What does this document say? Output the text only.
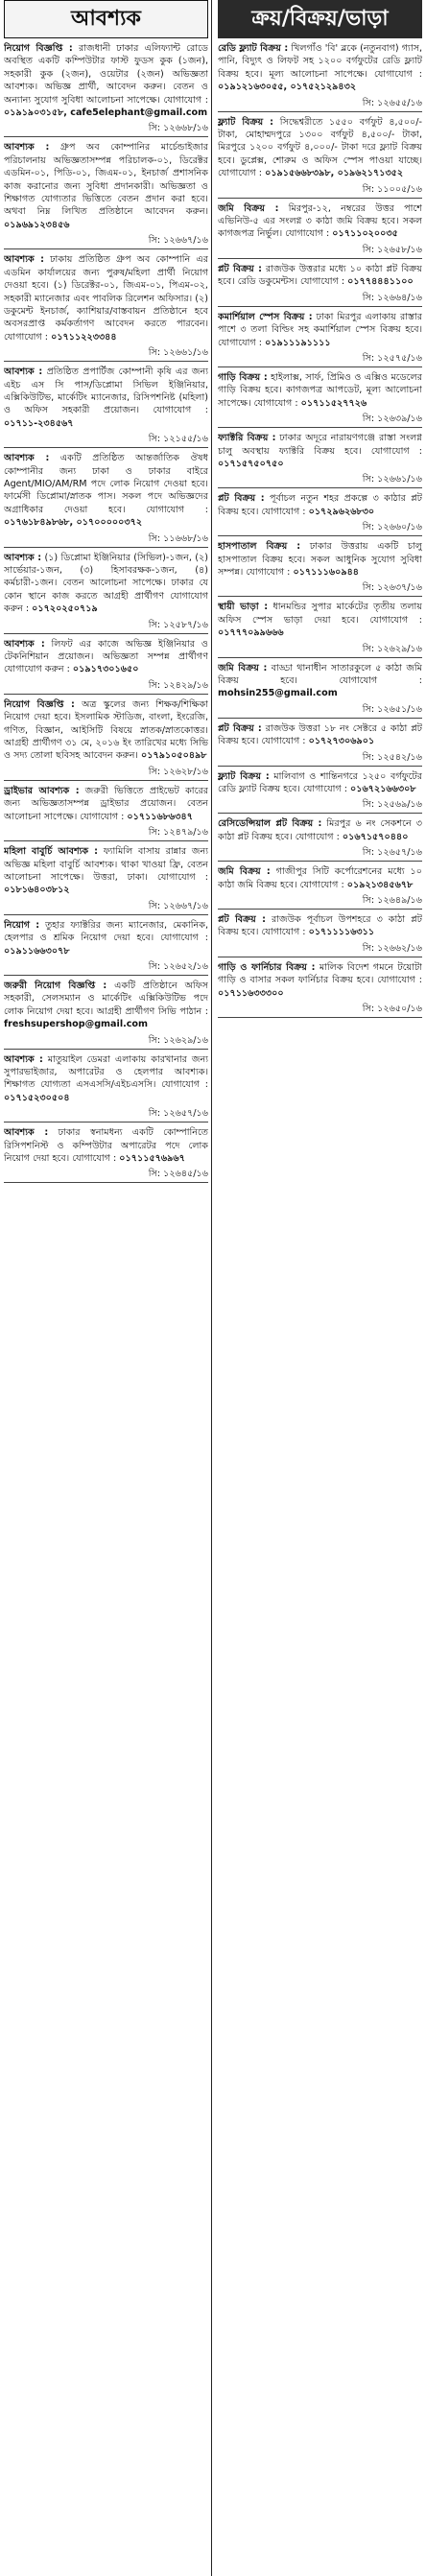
আবশ্যক

নিয়োগ বিজ্ঞপ্তি : রাজধানী ঢাকার এলিফ্যান্ট রোডে অবস্থিত একটি কম্পিউটার ফাস্ট ফুডস কুক (১জন), সহকারী কুক (২জন), ওয়েটার (২জন) অভিজ্ঞতা আবশ্যক। অভিজ্ঞ প্রার্থী, আবেদন করুন। বেতন ও অন্যান্য সুযোগ সুবিধা আলোচনা সাপেক্ষে। যোগাযোগ : ০১৯১৯০৩১৫৮, cafe5elephant@gmail.com

সি: ১২৬৬৮/১৬

আবশ্যক : গ্রুপ অব কোম্পানির মার্চেন্ডাইজার পরিচালনায় অভিজ্ঞতাসম্পন্ন পরিচালক-০১, ডিরেক্টর এডমিন-০১, পিডি-০১, জিএম-০১, ইনচার্জ প্রশাসনিক কাজ করানোর জন্য সুবিধা প্রদানকারী। অভিজ্ঞতা ও শিক্ষাগত যোগ্যতার ভিত্তিতে বেতন প্রদান করা হবে। অথবা নিম্ন লিখিত প্রতিষ্ঠানে আবেদন করুন। ০১৯৬৯১২৩৪৫৬

সি: ১২৬৬৭/১৬

আবশ্যক : ঢাকায় প্রতিষ্ঠিত গ্রুপ অব কোম্পানি এর এডমিন কার্যালয়ের জন্য পুরুষ/মহিলা প্রার্থী নিয়োগ দেওয়া হবে। (১) ডিরেক্টর-০১, জিএম-০১, পিএম-০২, সহকারী ম্যানেজার এবং পাবলিক রিলেশন অফিসার। (২) ডকুমেন্ট ইনচার্জ, ক্যাশিয়ার/বাস্তবায়ন প্রতিষ্ঠানে হবে অবসরপ্রাপ্ত কর্মকর্তাগণ আবেদন করতে পারবেন। যোগাযোগ : ০১৭১১২২৩৩৪৪

সি: ১২৬৬১/১৬

আবশ্যক : প্রতিষ্ঠিত প্রপার্টিজ কোম্পানী কৃষি এর জন্য এইচ এস সি পাস/ডিপ্লোমা সিভিল ইঞ্জিনিয়ার, এক্সিকিউটিভ, মার্কেটিং ম্যানেজার, রিসিপশনিষ্ট (মহিলা) ও অফিস সহকারী প্রয়োজন। যোগাযোগ : ০১৭১১-২৩৪৫৬৭

সি: ১২১৫৫/১৬

আবশ্যক : একটি প্রতিষ্ঠিত আন্তর্জাতিক ঔষধ কোম্পানীর জন্য ঢাকা ও ঢাকার বাইরে Agent/MIO/AM/RM পদে লোক নিয়োগ দেওয়া হবে। ফার্মেসী ডিপ্লোমা/স্নাতক পাস। সকল পদে অভিজ্ঞদের অগ্রাধিকার দেওয়া হবে। যোগাযোগ : ০১৭৬১৮৪৯৮৬৮, ০১৭০০০০০৩৭২

সি: ১১৬৬৮/১৬

আবশ্যক : (১) ডিপ্লোমা ইঞ্জিনিয়ার (সিভিল)-১জন, (২) সার্ভেয়ার-১জন, (৩) হিসাবরক্ষক-১জন, (৪) কর্মচারী-১জন। বেতন আলোচনা সাপেক্ষে। ঢাকার যে কোন স্থানে কাজ করতে আগ্রহী প্রার্থীগণ যোগাযোগ করুন : ০১৭২০২৫০৭১৯

সি: ১২৫৮৭/১৬

আবশ্যক : লিফট এর কাজে অভিজ্ঞ ইঞ্জিনিয়ার ও টেকনিশিয়ান প্রয়োজন। অভিজ্ঞতা সম্পন্ন প্রার্থীগণ যোগাযোগ করুন : ০১৯১৭৩০১৬৫০

সি: ১২৪২৯/১৬

নিয়োগ বিজ্ঞপ্তি : অত্র স্কুলের জন্য শিক্ষক/শিক্ষিকা নিয়োগ দেয়া হবে। ইসলামিক স্টাডিজ, বাংলা, ইংরেজি, গণিত, বিজ্ঞান, আইসিটি বিষয়ে স্নাতক/স্নাতকোত্তর। আগ্রহী প্রার্থীগণ ৩১ মে, ২০১৬ ইং তারিখের মধ্যে সিভি ও সদ্য তোলা ছবিসহ আবেদন করুন। ০১৭৯১০৫০৪৯৮

সি: ১২৬২৮/১৬

ড্রাইভার আবশ্যক : জরুরী ভিত্তিতে প্রাইভেট কারের জন্য অভিজ্ঞতাসম্পন্ন ড্রাইভার প্রয়োজন। বেতন আলোচনা সাপেক্ষে। যোগাযোগ : ০১৭১১৬৮৬৩৪৭

সি: ১২৪৭৯/১৬

মহিলা বাবুর্চি আবশ্যক : ফ্যামিলি বাসায় রান্নার জন্য অভিজ্ঞ মহিলা বাবুর্চি আবশ্যক। থাকা খাওয়া ফ্রি, বেতন আলোচনা সাপেক্ষে। উত্তরা, ঢাকা। যোগাযোগ : ০১৮১৬৪০৩৮১২

সি: ১২৬৬৭/১৬

নিয়োগ : তুহার ফ্যাক্টরির জন্য ম্যানেজার, মেকানিক, হেলপার ও শ্রমিক নিয়োগ দেয়া হবে। যোগাযোগ : ০১৯১১৬৬৩০৭৮

সি: ১২৬৫২/১৬

জরুরী নিয়োগ বিজ্ঞপ্তি : একটি প্রতিষ্ঠানে অফিস সহকারী, সেলসম্যান ও মার্কেটিং এক্সিকিউটিভ পদে লোক নিয়োগ দেয়া হবে। আগ্রহী প্রার্থীগণ সিভি পাঠান : freshsupershop@gmail.com

সি: ১২৬২৯/১৬

আবশ্যক : মাতুয়াইল ডেমরা এলাকায় কারখানার জন্য সুপারভাইজার, অপারেটর ও হেলপার আবশ্যক। শিক্ষাগত যোগ্যতা এসএসসি/এইচএসসি। যোগাযোগ : ০১৭১৫২৩০৫০৪

সি: ১২৬৫৭/১৬

আবশ্যক : ঢাকার স্বনামধন্য একটি কোম্পানিতে রিসিপশনিস্ট ও কম্পিউটার অপারেটর পদে লোক নিয়োগ দেয়া হবে। যোগাযোগ : ০১৭১১৫৭৬৯৬৭

সি: ১২৬৪৫/১৬
ক্রয়/বিক্রয়/ভাড়া

রেডি ফ্ল্যাট বিক্রয় : খিলগাঁও 'বি' ব্লকে (নতুনবাগ) গ্যাস, পানি, বিদ্যুৎ ও লিফট সহ ১২০০ বর্গফুটের রেডি ফ্ল্যাট বিক্রয় হবে। মূল্য আলোচনা সাপেক্ষে। যোগাযোগ : ০১৯১২১৬৩০৫৫, ০১৭৫২১২৯৪৩২

সি: ১২৬৫৫/১৬

ফ্ল্যাট বিক্রয় : সিদ্ধেশ্বরীতে ১৫৫০ বর্গফুট ৪,৫০০/- টাকা, মোহাম্মদপুরে ১৩০০ বর্গফুট ৪,৫০০/- টাকা, মিরপুরে ১২০০ বর্গফুট ৪,০০০/- টাকা দরে ফ্ল্যাট বিক্রয় হবে। ডুপ্লেক্স, শোরুম ও অফিস স্পেস পাওয়া যাচ্ছে। যোগাযোগ : ০১৯১৫৬৬৮৩৯৮, ০১৯৬২১৭১৩৫২

সি: ১১০০৫/১৬

জমি বিক্রয় : মিরপুর-১২, নম্বরের উত্তর পাশে এভিনিউ-৫ এর সংলগ্ন ৩ কাঠা জমি বিক্রয় হবে। সকল কাগজপত্র নির্ভুল। যোগাযোগ : ০১৭১১০২০০৩৫

সি: ১২৬৫৮/১৬

প্লট বিক্রয় : রাজউক উত্তরার মধ্যে ১০ কাঠা প্লট বিক্রয় হবে। রেডি ডকুমেন্টস। যোগাযোগ : ০১৭৭৪৪৪১১০০

সি: ১২৬৬৪/১৬

কমার্শিয়াল স্পেস বিক্রয় : ঢাকা মিরপুর এলাকায় রাস্তার পাশে ৩ তলা বিল্ডিং সহ কমার্শিয়াল স্পেস বিক্রয় হবে। যোগাযোগ : ০১৯১১১৯১১১১

সি: ১২৫৭৫/১৬

গাড়ি বিক্রয় : হাইলাক্স, সার্ফ, প্রিমিও ও এক্সিও মডেলের গাড়ি বিক্রয় হবে। কাগজপত্র আপডেট, মূল্য আলোচনা সাপেক্ষে। যোগাযোগ : ০১৭১১৫২৭৭২৬

সি: ১২৬৩৯/১৬

ফ্যাক্টরি বিক্রয় : ঢাকার অদূরে নারায়ণগঞ্জে রাস্তা সংলগ্ন চালু অবস্থায় ফ্যাক্টরি বিক্রয় হবে। যোগাযোগ : ০১৭১৫৭৫০৭৫০

সি: ১২৬৬১/১৬

প্লট বিক্রয় : পূর্বাচল নতুন শহর প্রকল্পে ৩ কাঠার প্লট বিক্রয় হবে। যোগাযোগ : ০১৭২৯৬২৬৮৩০

সি: ১২৬৬০/১৬

হাসপাতাল বিক্রয় : ঢাকার উত্তরায় একটি চালু হাসপাতাল বিক্রয় হবে। সকল আধুনিক সুযোগ সুবিধা সম্পন্ন। যোগাযোগ : ০১৭১১১৬০৯৪৪

সি: ১২৬৩৭/১৬

স্থায়ী ভাড়া : ধানমন্ডির সুপার মার্কেটের তৃতীয় তলায় অফিস স্পেস ভাড়া দেয়া হবে। যোগাযোগ : ০১৭৭৭০৯৯৬৬৬

সি: ১২৬২৯/১৬

জমি বিক্রয় : বাড্ডা থানাধীন সাতারকুলে ৫ কাঠা জমি বিক্রয় হবে। যোগাযোগ : mohsin255@gmail.com

সি: ১২৬৫১/১৬

প্লট বিক্রয় : রাজউক উত্তরা ১৮ নং সেক্টরে ৫ কাঠা প্লট বিক্রয় হবে। যোগাযোগ : ০১৭২৭৩০৬৯০১

সি: ১২৫৪২/১৬

ফ্ল্যাট বিক্রয় : মালিবাগ ও শান্তিনগরে ১২৫০ বর্গফুটের রেডি ফ্ল্যাট বিক্রয় হবে। যোগাযোগ : ০১৬৭২১৬৬৩০৮

সি: ১২৫৬৯/১৬

রেসিডেন্সিয়াল প্লট বিক্রয় : মিরপুর ৬ নং সেকশনে ৩ কাঠা প্লট বিক্রয় হবে। যোগাযোগ : ০১৬৭১৫৭০৪৪০

সি: ১২৬৫৭/১৬

জমি বিক্রয় : গাজীপুর সিটি কর্পোরেশনের মধ্যে ১০ কাঠা জমি বিক্রয় হবে। যোগাযোগ : ০১৯২১৩৪৫৬৭৮

সি: ১২৬৪৯/১৬

প্লট বিক্রয় : রাজউক পূর্বাচল উপশহরে ৩ কাঠা প্লট বিক্রয় হবে। যোগাযোগ : ০১৭১১১১৬৩১১

সি: ১২৬৬২/১৬

গাড়ি ও ফার্নিচার বিক্রয় : মালিক বিদেশ গমনে টয়োটা গাড়ি ও বাসার সকল ফার্নিচার বিক্রয় হবে। যোগাযোগ : ০১৭১১৬৩৩৩০০

সি: ১২৬৫০/১৬
